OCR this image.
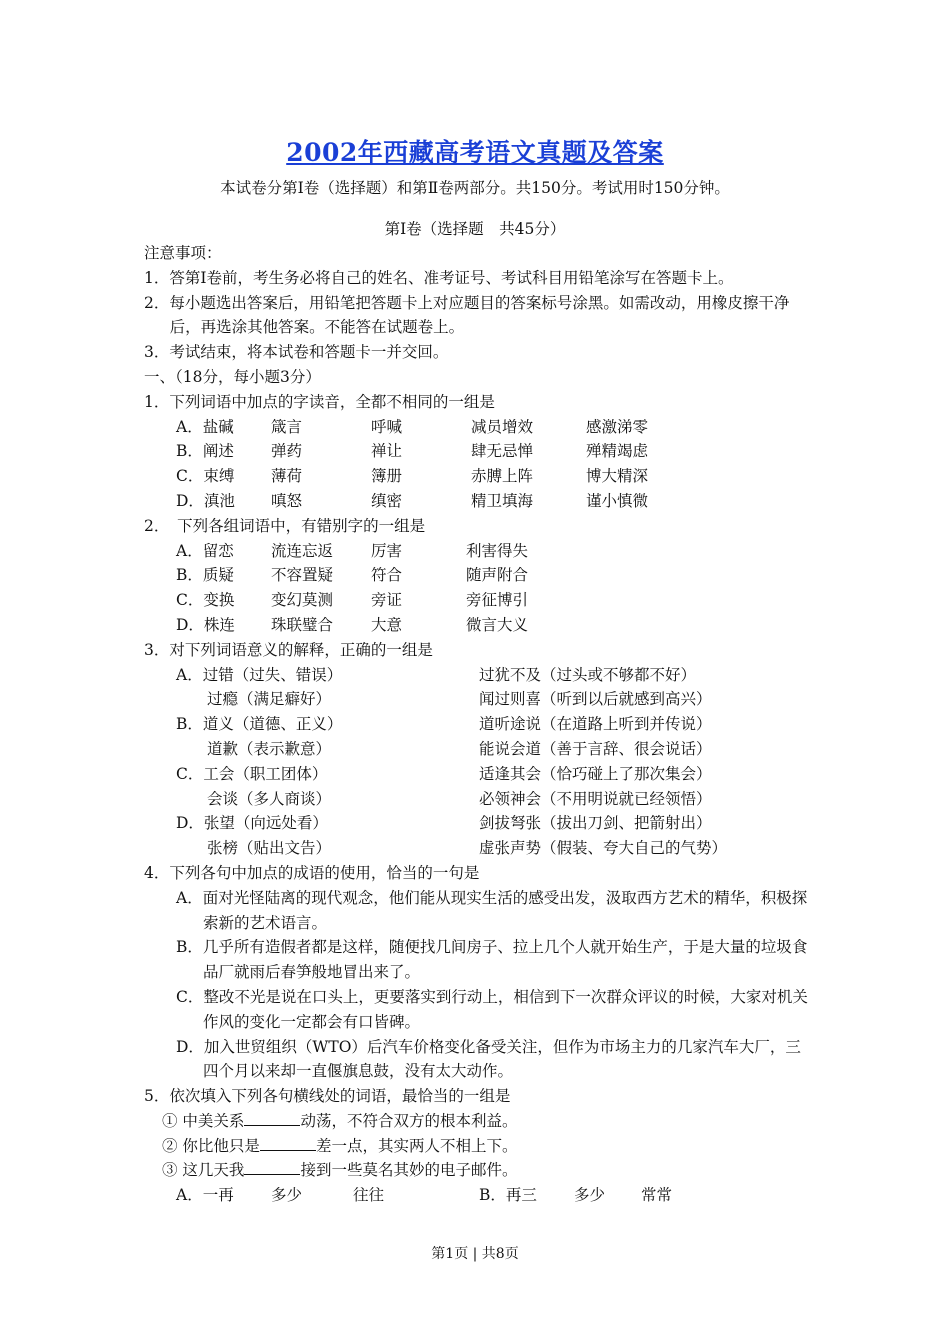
2002年西藏高考语文真题及答案
本试卷分第Ⅰ卷（选择题）和第Ⅱ卷两部分。共150分。考试用时150分钟。
第Ⅰ卷（选择题　共45分）
注意事项：
1．答第Ⅰ卷前，考生务必将自己的姓名、准考证号、考试科目用铅笔涂写在答题卡上。
2．每小题选出答案后，用铅笔把答题卡上对应题目的答案标号涂黑。如需改动，用橡皮擦干净后，再选涂其他答案。不能答在试题卷上。
3．考试结束，将本试卷和答题卡一并交回。
一、（18分，每小题3分）
1．下列词语中加点的字读音，全都不相同的一组是
A．盐碱	箴言	呼喊	减员增效	感激涕零
B．阐述	弹药	禅让	肆无忌惮	殚精竭虑
C．束缚	薄荷	簿册	赤膊上阵	博大精深
D．滇池	嗔怒	缜密	精卫填海	谨小慎微
2．　下列各组词语中，有错别字的一组是
A．留恋	流连忘返	厉害	利害得失
B．质疑	不容置疑	符合	随声附合
C．变换	变幻莫测	旁证	旁征博引
D．株连	珠联璧合	大意	微言大义
3．对下列词语意义的解释，正确的一组是
A．过错（过失、错误）	过犹不及（过头或不够都不好）
　　过瘾（满足癖好）	闻过则喜（听到以后就感到高兴）
B．道义（道德、正义）	道听途说（在道路上听到并传说）
　　道歉（表示歉意）	能说会道（善于言辞、很会说话）
C．工会（职工团体）	适逢其会（恰巧碰上了那次集会）
　　会谈（多人商谈）	必领神会（不用明说就已经领悟）
D．张望（向远处看）	剑拔弩张（拔出刀剑、把箭射出）
　　张榜（贴出文告）	虚张声势（假装、夸大自己的气势）
4．下列各句中加点的成语的使用，恰当的一句是
A．面对光怪陆离的现代观念，他们能从现实生活的感受出发，汲取西方艺术的精华，积极探索新的艺术语言。
B．几乎所有造假者都是这样，随便找几间房子、拉上几个人就开始生产，于是大量的垃圾食品厂就雨后春笋般地冒出来了。
C．整改不光是说在口头上，更要落实到行动上，相信到下一次群众评议的时候，大家对机关作风的变化一定都会有口皆碑。
D．加入世贸组织（WTO）后汽车价格变化备受关注，但作为市场主力的几家汽车大厂，三四个月以来却一直偃旗息鼓，没有太大动作。
5．依次填入下列各句横线处的词语，最恰当的一组是
① 中美关系	动荡，不符合双方的根本利益。
② 你比他只是	差一点，其实两人不相上下。
③ 这几天我	接到一些莫名其妙的电子邮件。
A．一再	多少	往往	B．再三	多少	常常
第1页 | 共8页
